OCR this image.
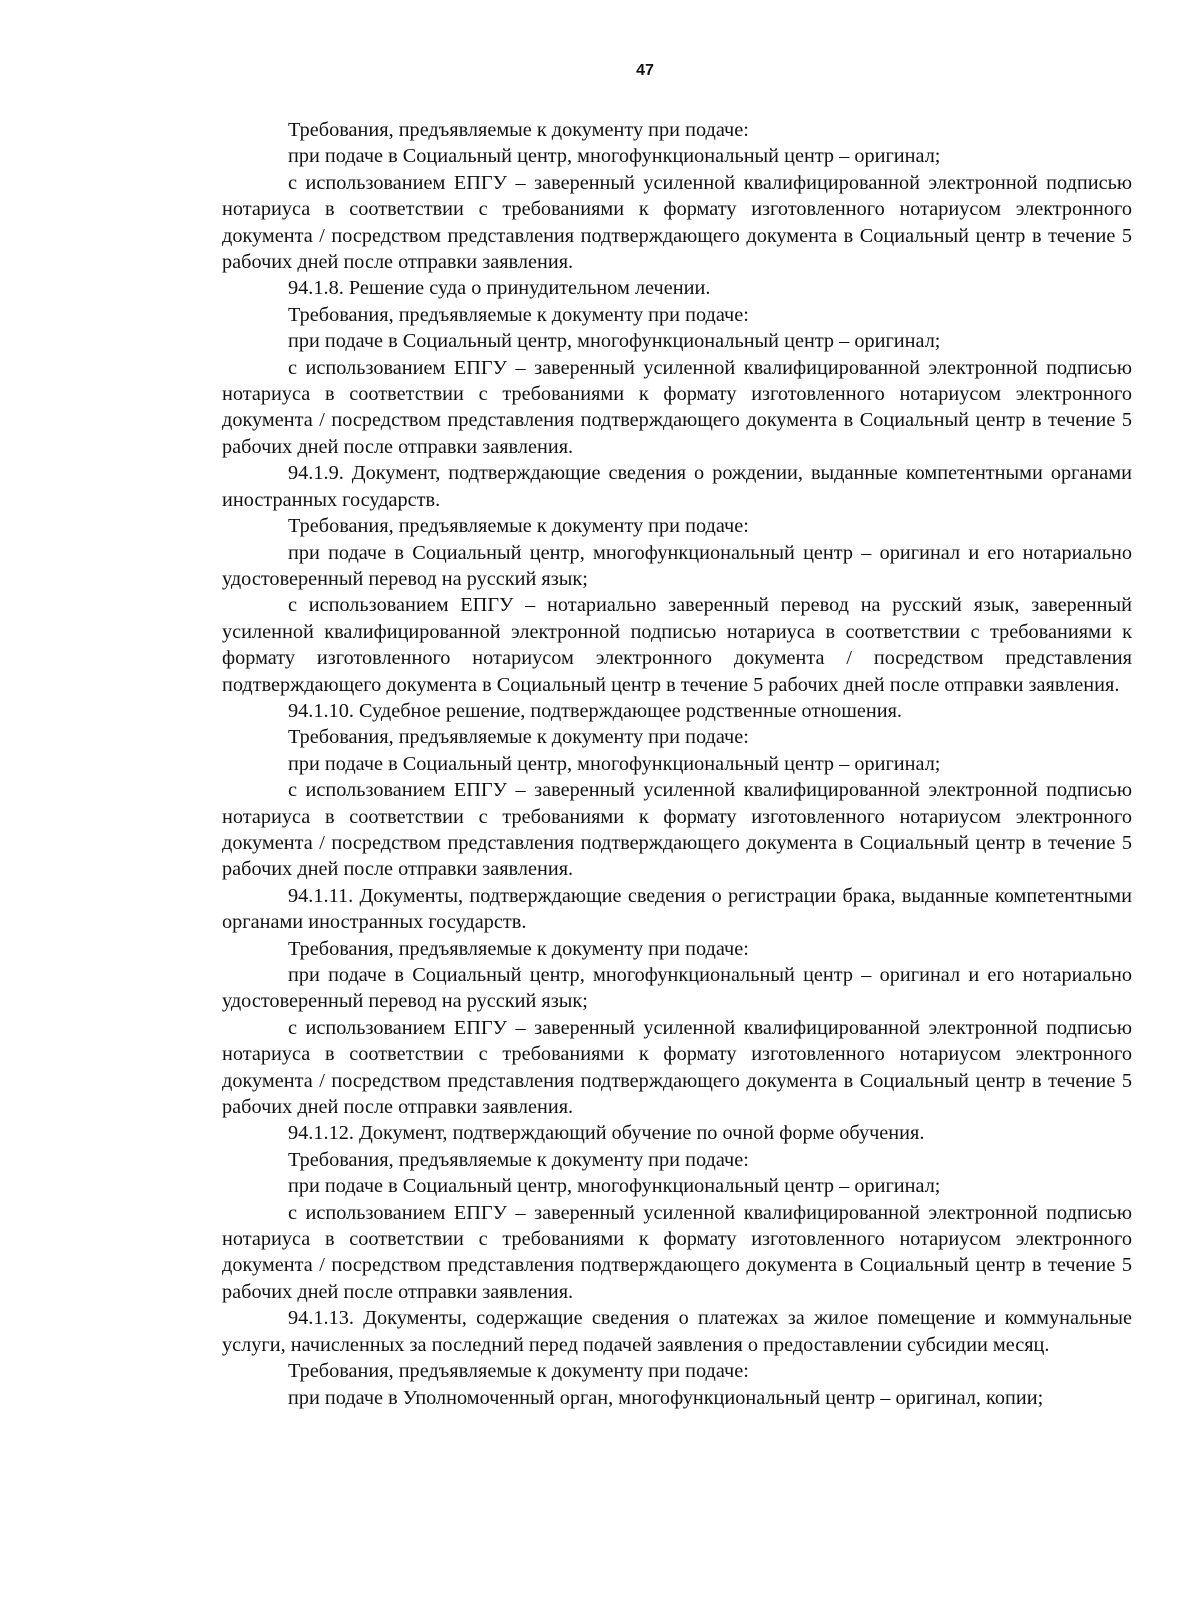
47

Требования, предъявляемые к документу при подаче:

при подаче в Социальный центр, многофункциональный центр – оригинал;

с использованием ЕПГУ – заверенный усиленной квалифицированной электронной подписью нотариуса в соответствии с требованиями к формату изготовленного нотариусом электронного документа / посредством представления подтверждающего документа в Социальный центр в течение 5 рабочих дней после отправки заявления.

94.1.8. Решение суда о принудительном лечении.

Требования, предъявляемые к документу при подаче:

при подаче в Социальный центр, многофункциональный центр – оригинал;

с использованием ЕПГУ – заверенный усиленной квалифицированной электронной подписью нотариуса в соответствии с требованиями к формату изготовленного нотариусом электронного документа / посредством представления подтверждающего документа в Социальный центр в течение 5 рабочих дней после отправки заявления.

94.1.9. Документ, подтверждающие сведения о рождении, выданные компетентными органами иностранных государств.

Требования, предъявляемые к документу при подаче:

при подаче в Социальный центр, многофункциональный центр – оригинал и его нотариально удостоверенный перевод на русский язык;

с использованием ЕПГУ – нотариально заверенный перевод на русский язык, заверенный усиленной квалифицированной электронной подписью нотариуса в соответствии с требованиями к формату изготовленного нотариусом электронного документа / посредством представления подтверждающего документа в Социальный центр в течение 5 рабочих дней после отправки заявления.

94.1.10. Судебное решение, подтверждающее родственные отношения.

Требования, предъявляемые к документу при подаче:

при подаче в Социальный центр, многофункциональный центр – оригинал;

с использованием ЕПГУ – заверенный усиленной квалифицированной электронной подписью нотариуса в соответствии с требованиями к формату изготовленного нотариусом электронного документа / посредством представления подтверждающего документа в Социальный центр в течение 5 рабочих дней после отправки заявления.

94.1.11. Документы, подтверждающие сведения о регистрации брака, выданные компетентными органами иностранных государств.

Требования, предъявляемые к документу при подаче:

при подаче в Социальный центр, многофункциональный центр – оригинал и его нотариально удостоверенный перевод на русский язык;

с использованием ЕПГУ – заверенный усиленной квалифицированной электронной подписью нотариуса в соответствии с требованиями к формату изготовленного нотариусом электронного документа / посредством представления подтверждающего документа в Социальный центр в течение 5 рабочих дней после отправки заявления.

94.1.12. Документ, подтверждающий обучение по очной форме обучения.

Требования, предъявляемые к документу при подаче:

при подаче в Социальный центр, многофункциональный центр – оригинал;

с использованием ЕПГУ – заверенный усиленной квалифицированной электронной подписью нотариуса в соответствии с требованиями к формату изготовленного нотариусом электронного документа / посредством представления подтверждающего документа в Социальный центр в течение 5 рабочих дней после отправки заявления.

94.1.13. Документы, содержащие сведения о платежах за жилое помещение и коммунальные услуги, начисленных за последний перед подачей заявления о предоставлении субсидии месяц.

Требования, предъявляемые к документу при подаче:

при подаче в Уполномоченный орган, многофункциональный центр – оригинал, копии;
